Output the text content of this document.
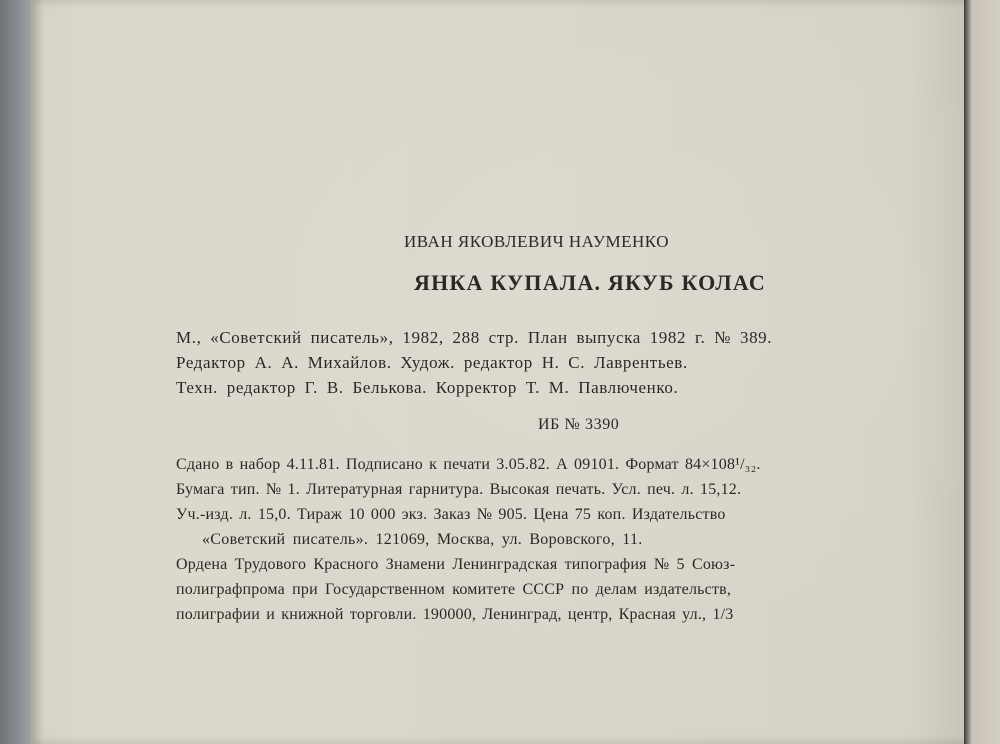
ИВАН ЯКОВЛЕВИЧ НАУМЕНКО
ЯНКА КУПАЛА. ЯКУБ КОЛАС
М., «Советский писатель», 1982, 288 стр. План выпуска 1982 г. № 389.
Редактор А. А. Михайлов. Худож. редактор Н. С. Лаврентьев.
Техн. редактор Г. В. Белькова. Корректор Т. М. Павлюченко.
ИБ № 3390
Сдано в набор 4.11.81. Подписано к печати 3.05.82. А 09101. Формат 84×108¹/₃₂.
Бумага тип. № 1. Литературная гарнитура. Высокая печать. Усл. печ. л. 15,12.
Уч.-изд. л. 15,0. Тираж 10 000 экз. Заказ № 905. Цена 75 коп. Издательство
«Советский писатель». 121069, Москва, ул. Воровского, 11.
Ордена Трудового Красного Знамени Ленинградская типография № 5 Союз-
полиграфпрома при Государственном комитете СССР по делам издательств,
полиграфии и книжной торговли. 190000, Ленинград, центр, Красная ул., 1/3
